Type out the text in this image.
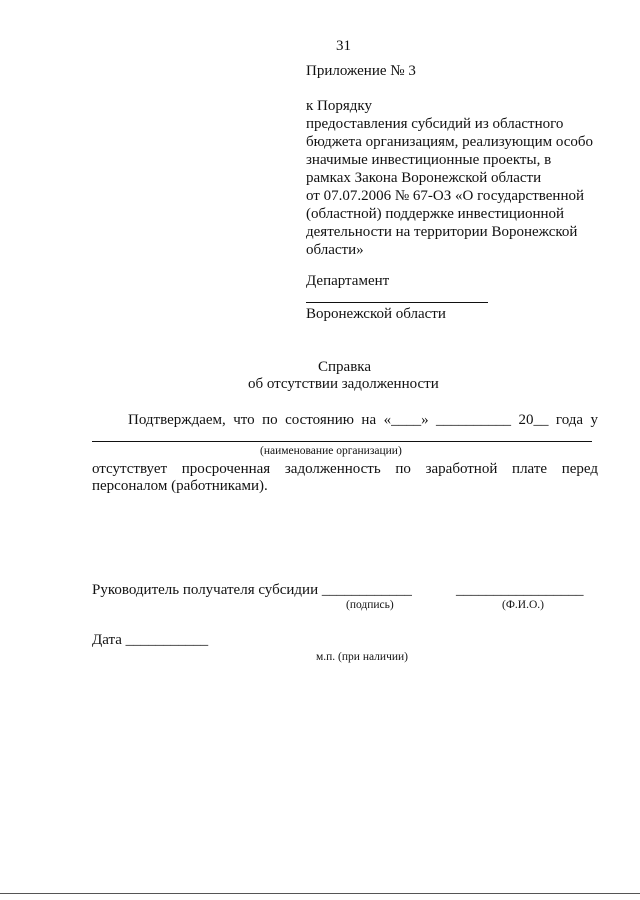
31
Приложение № 3
к Порядку
предоставления субсидий из областного
бюджета организациям, реализующим особо
значимые инвестиционные проекты, в
рамках Закона Воронежской области
от 07.07.2006 № 67-ОЗ «О государственной
(областной) поддержке инвестиционной
деятельности на территории Воронежской
области»
Департамент
Воронежской области
Справка
об отсутствии задолженности
Подтверждаем, что по состоянию на «____» __________ 20__ года у
(наименование организации)
отсутствует просроченная задолженность по заработной плате перед
персоналом (работниками).
Руководитель получателя субсидии ____________	_________________
(подпись)	(Ф.И.О.)
Дата ___________
м.п. (при наличии)
